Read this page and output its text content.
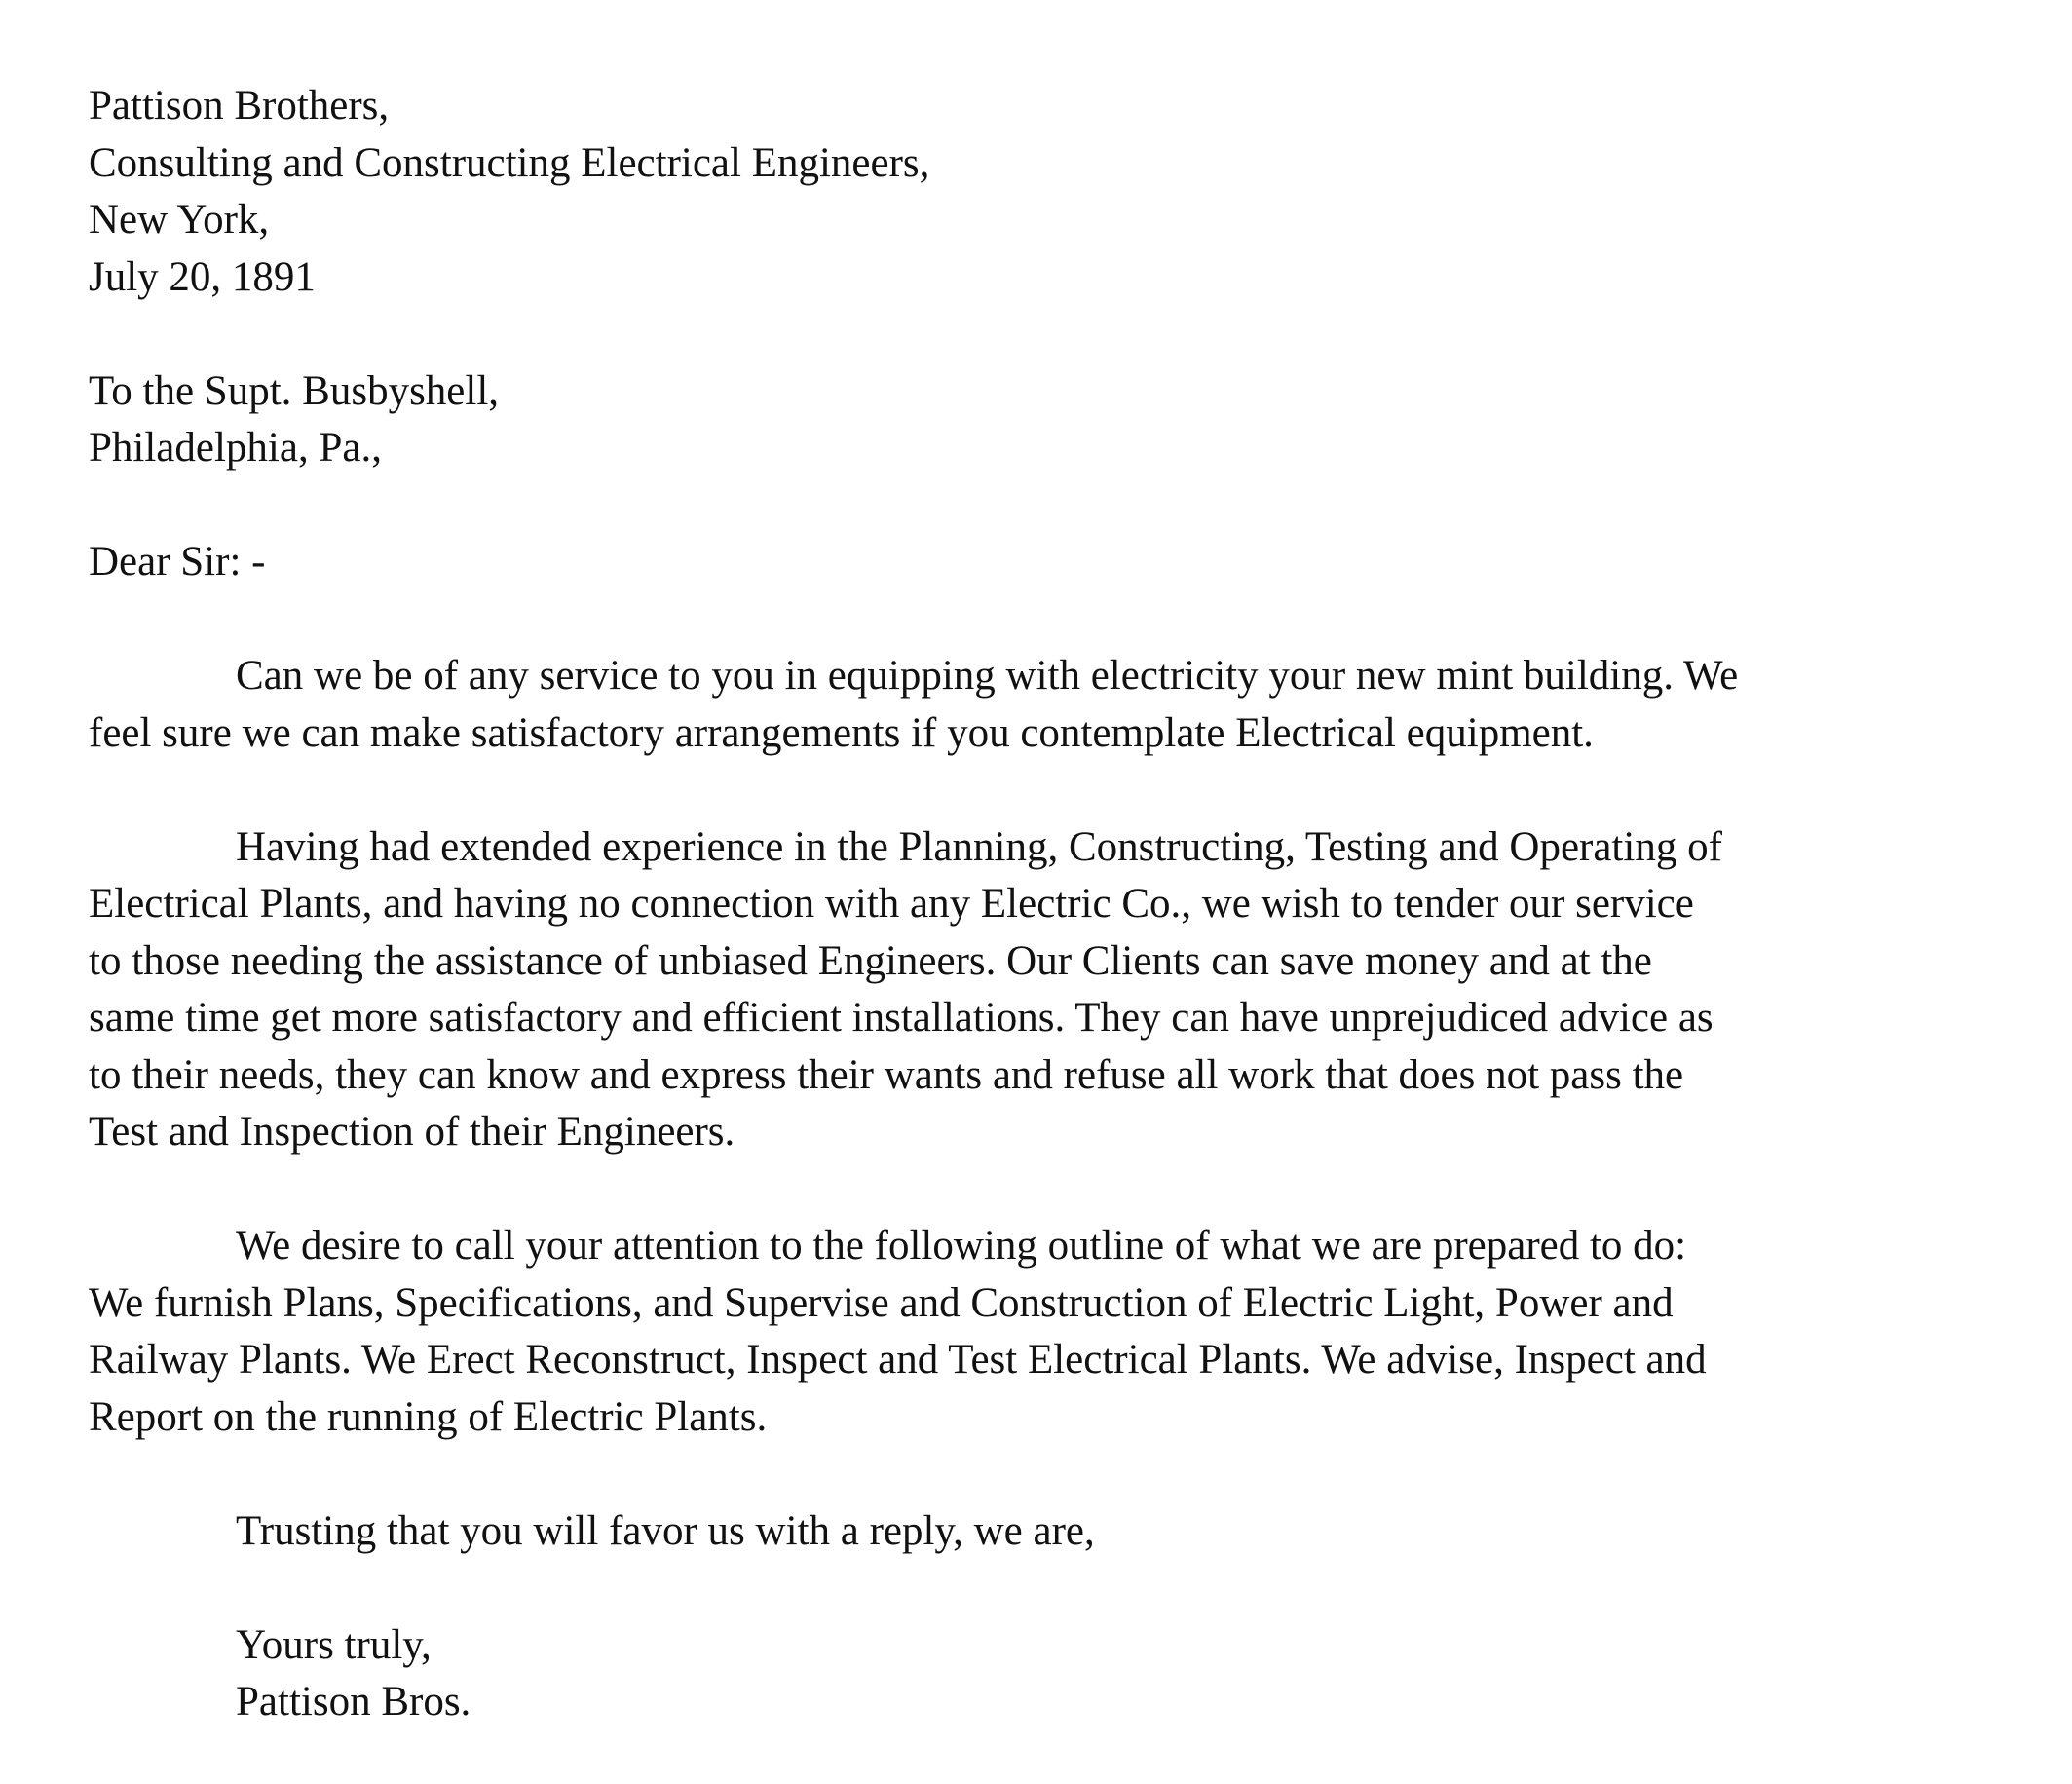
Pattison Brothers,
Consulting and Constructing Electrical Engineers,
New York,
July 20, 1891
To the Supt. Busbyshell,
Philadelphia, Pa.,
Dear Sir: -
Can we be of any service to you in equipping with electricity your new mint building. We
feel sure we can make satisfactory arrangements if you contemplate Electrical equipment.
Having had extended experience in the Planning, Constructing, Testing and Operating of
Electrical Plants, and having no connection with any Electric Co., we wish to tender our service
to those needing the assistance of unbiased Engineers. Our Clients can save money and at the
same time get more satisfactory and efficient installations. They can have unprejudiced advice as
to their needs, they can know and express their wants and refuse all work that does not pass the
Test and Inspection of their Engineers.
We desire to call your attention to the following outline of what we are prepared to do:
We furnish Plans, Specifications, and Supervise and Construction of Electric Light, Power and
Railway Plants. We Erect Reconstruct, Inspect and Test Electrical Plants. We advise, Inspect and
Report on the running of Electric Plants.
Trusting that you will favor us with a reply, we are,
Yours truly,
Pattison Bros.
